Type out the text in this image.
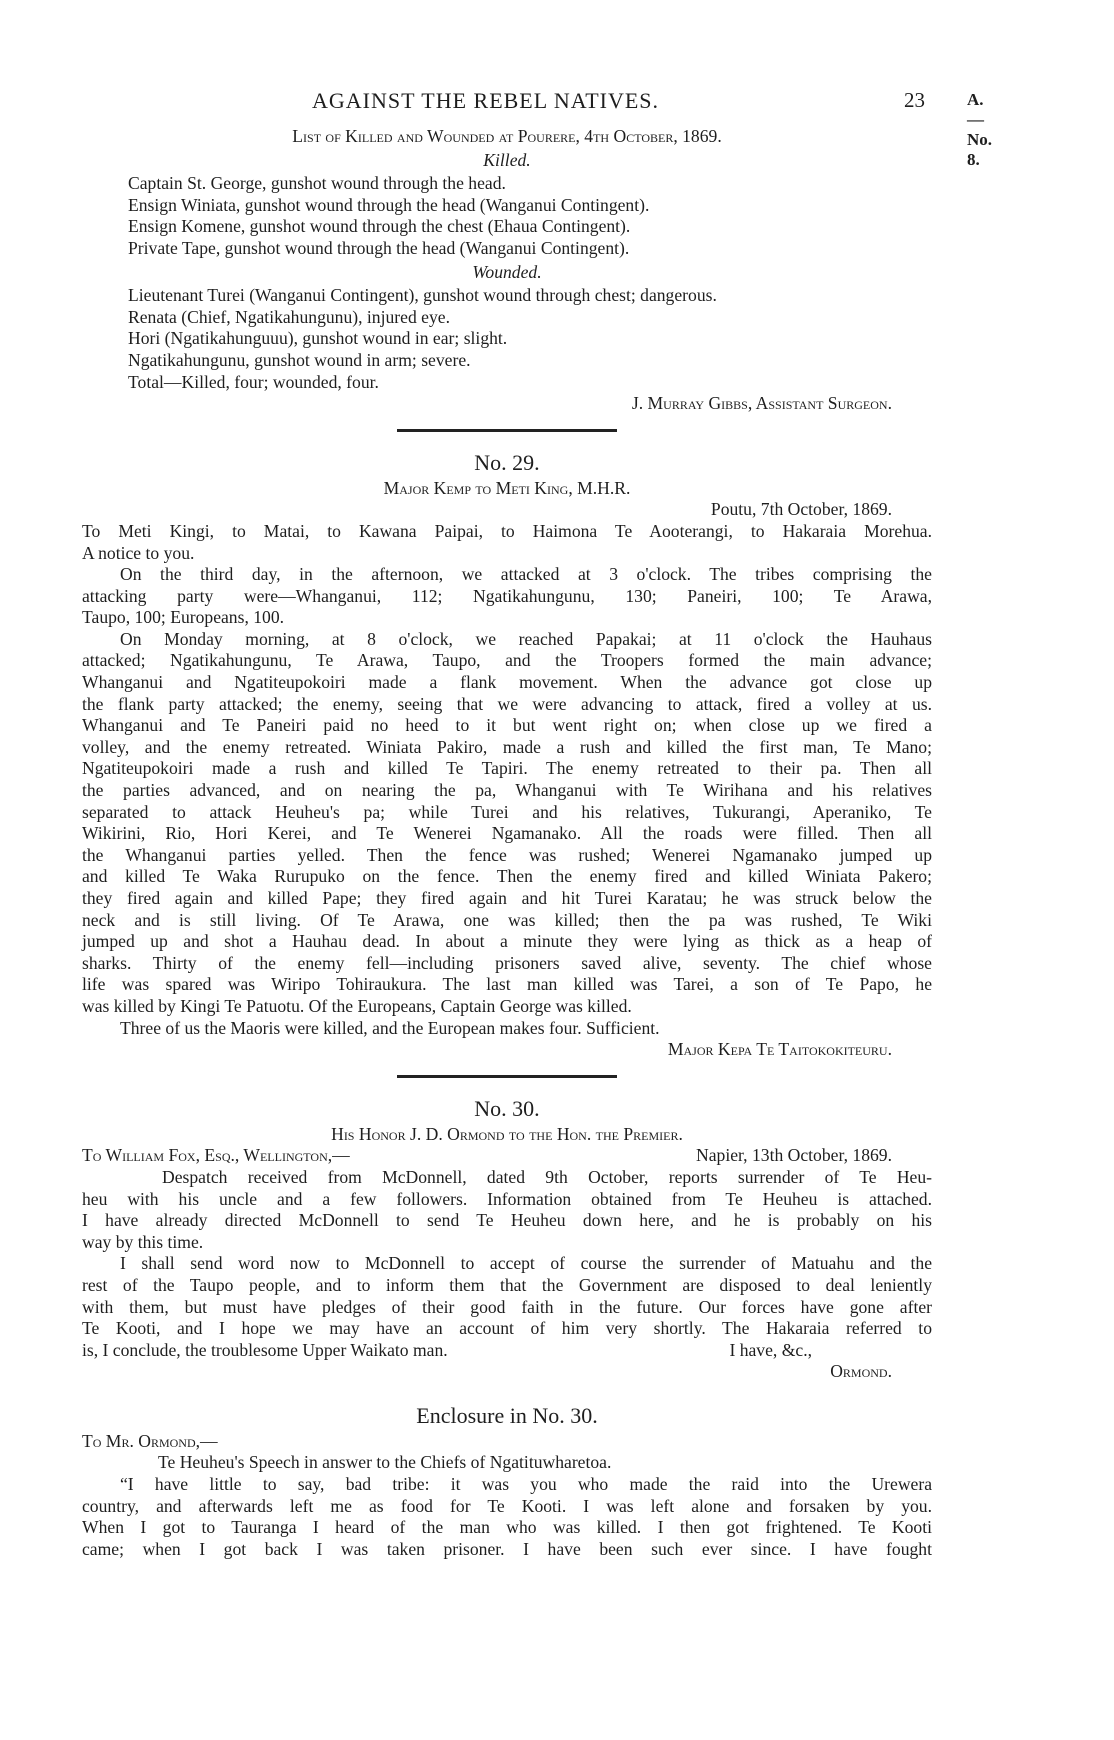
AGAINST THE REBEL NATIVES.	23 A.—No. 8.
List of Killed and Wounded at Pourere, 4th October, 1869.
Killed.
Captain St. George, gunshot wound through the head.
Ensign Winiata, gunshot wound through the head (Wanganui Contingent).
Ensign Komene, gunshot wound through the chest (Ehaua Contingent).
Private Tape, gunshot wound through the head (Wanganui Contingent).
Wounded.
Lieutenant Turei (Wanganui Contingent), gunshot wound through chest; dangerous.
Renata (Chief, Ngatikahungunu), injured eye.
Hori (Ngatikahunguuu), gunshot wound in ear; slight.
Ngatikahungunu, gunshot wound in arm; severe.
Total—Killed, four; wounded, four.
J. Murray Gibbs, Assistant Surgeon.
No. 29.
Major Kemp to Meti King, M.H.R.
Poutu, 7th October, 1869.
To Meti Kingi, to Matai, to Kawana Paipai, to Haimona Te Aooterangi, to Hakaraia Morehua.
A notice to you.
On the third day, in the afternoon, we attacked at 3 o'clock. The tribes comprising the
attacking party were—Whanganui, 112; Ngatikahungunu, 130; Paneiri, 100; Te Arawa,
Taupo, 100; Europeans, 100.
On Monday morning, at 8 o'clock, we reached Papakai; at 11 o'clock the Hauhaus
attacked; Ngatikahungunu, Te Arawa, Taupo, and the Troopers formed the main advance;
Whanganui and Ngatiteupokoiri made a flank movement. When the advance got close up
the flank party attacked; the enemy, seeing that we were advancing to attack, fired a volley at us.
Whanganui and Te Paneiri paid no heed to it but went right on; when close up we fired a
volley, and the enemy retreated. Winiata Pakiro, made a rush and killed the first man, Te Mano;
Ngatiteupokoiri made a rush and killed Te Tapiri. The enemy retreated to their pa. Then all
the parties advanced, and on nearing the pa, Whanganui with Te Wirihana and his relatives
separated to attack Heuheu's pa; while Turei and his relatives, Tukurangi, Aperaniko, Te
Wikirini, Rio, Hori Kerei, and Te Wenerei Ngamanako. All the roads were filled. Then all
the Whanganui parties yelled. Then the fence was rushed; Wenerei Ngamanako jumped up
and killed Te Waka Rurupuko on the fence. Then the enemy fired and killed Winiata Pakero;
they fired again and killed Pape; they fired again and hit Turei Karatau; he was struck below the
neck and is still living. Of Te Arawa, one was killed; then the pa was rushed, Te Wiki
jumped up and shot a Hauhau dead. In about a minute they were lying as thick as a heap of
sharks. Thirty of the enemy fell—including prisoners saved alive, seventy. The chief whose
life was spared was Wiripo Tohiraukura. The last man killed was Tarei, a son of Te Papo, he
was killed by Kingi Te Patuotu. Of the Europeans, Captain George was killed.
Three of us the Maoris were killed, and the European makes four. Sufficient.
Major Kepa Te Taitokokiteuru.
No. 30.
His Honor J. D. Ormond to the Hon. the Premier.
To William Fox, Esq., Wellington,—	Napier, 13th October, 1869.
Despatch received from McDonnell, dated 9th October, reports surrender of Te Heu-
heu with his uncle and a few followers. Information obtained from Te Heuheu is attached.
I have already directed McDonnell to send Te Heuheu down here, and he is probably on his
way by this time.
I shall send word now to McDonnell to accept of course the surrender of Matuahu and the
rest of the Taupo people, and to inform them that the Government are disposed to deal leniently
with them, but must have pledges of their good faith in the future. Our forces have gone after
Te Kooti, and I hope we may have an account of him very shortly. The Hakaraia referred to
is, I conclude, the troublesome Upper Waikato man.	I have, &c.,
Ormond.
Enclosure in No. 30.
To Mr. Ormond,—
Te Heuheu's Speech in answer to the Chiefs of Ngatituwharetoa.
“I have little to say, bad tribe: it was you who made the raid into the Urewera
country, and afterwards left me as food for Te Kooti. I was left alone and forsaken by you.
When I got to Tauranga I heard of the man who was killed. I then got frightened. Te Kooti
came; when I got back I was taken prisoner. I have been such ever since. I have fought
